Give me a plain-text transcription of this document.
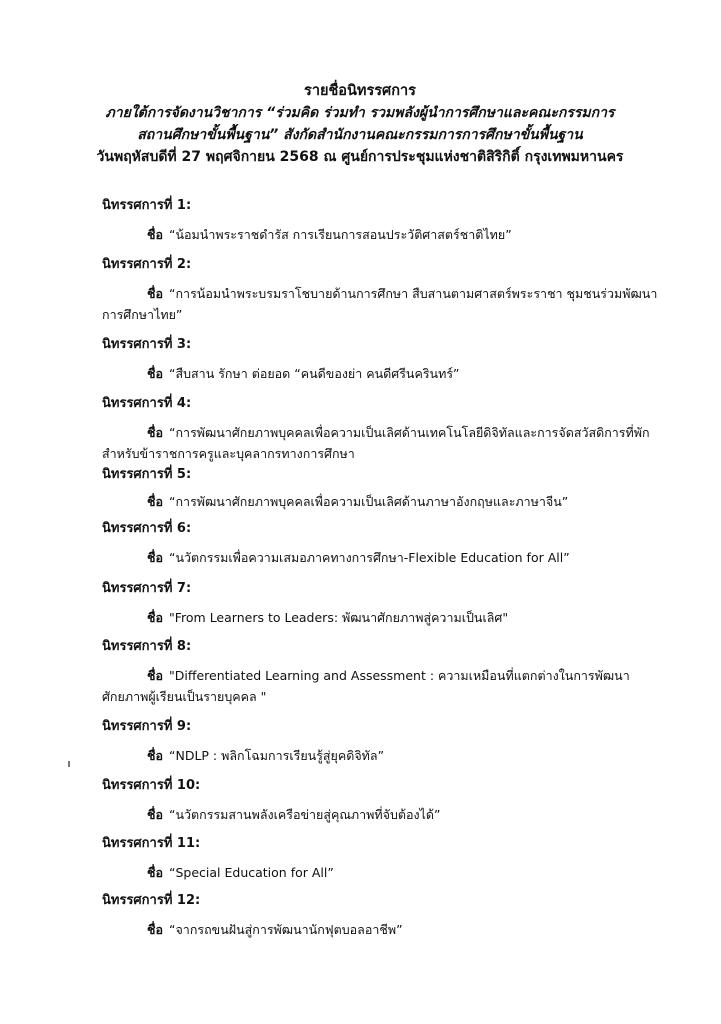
รายชื่อนิทรรศการ
ภายใต้การจัดงานวิชาการ “ร่วมคิด ร่วมทำ รวมพลังผู้นำการศึกษาและคณะกรรมการ
สถานศึกษาขั้นพื้นฐาน” สังกัดสำนักงานคณะกรรมการการศึกษาขั้นพื้นฐาน
วันพฤหัสบดีที่ 27 พฤศจิกายน 2568 ณ ศูนย์การประชุมแห่งชาติสิริกิติ์ กรุงเทพมหานคร
นิทรรศการที่ 1:
ชื่อ “น้อมนำพระราชดำรัส การเรียนการสอนประวัติศาสตร์ชาติไทย”
นิทรรศการที่ 2:
ชื่อ “การน้อมนำพระบรมราโชบายด้านการศึกษา สืบสานตามศาสตร์พระราชา ชุมชนร่วมพัฒนาการศึกษาไทย”
นิทรรศการที่ 3:
ชื่อ “สืบสาน รักษา ต่อยอด “คนดีของย่า คนดีศรีนครินทร์”
นิทรรศการที่ 4:
ชื่อ “การพัฒนาศักยภาพบุคคลเพื่อความเป็นเลิศด้านเทคโนโลยีดิจิทัลและการจัดสวัสดิการที่พักสำหรับข้าราชการครูและบุคลากรทางการศึกษา
นิทรรศการที่ 5:
ชื่อ “การพัฒนาศักยภาพบุคคลเพื่อความเป็นเลิศด้านภาษาอังกฤษและภาษาจีน”
นิทรรศการที่ 6:
ชื่อ “นวัตกรรมเพื่อความเสมอภาคทางการศึกษา-Flexible Education for All”
นิทรรศการที่ 7:
ชื่อ "From Learners to Leaders: พัฒนาศักยภาพสู่ความเป็นเลิศ"
นิทรรศการที่ 8:
ชื่อ "Differentiated Learning and Assessment : ความเหมือนที่แตกต่างในการพัฒนาศักยภาพผู้เรียนเป็นรายบุคคล "
นิทรรศการที่ 9:
ชื่อ “NDLP : พลิกโฉมการเรียนรู้สู่ยุคดิจิทัล”
นิทรรศการที่ 10:
ชื่อ “นวัตกรรมสานพลังเครือข่ายสู่คุณภาพที่จับต้องได้”
นิทรรศการที่ 11:
ชื่อ “Special Education for All”
นิทรรศการที่ 12:
ชื่อ “จากรถขนฝันสู่การพัฒนานักฟุตบอลอาชีพ”
